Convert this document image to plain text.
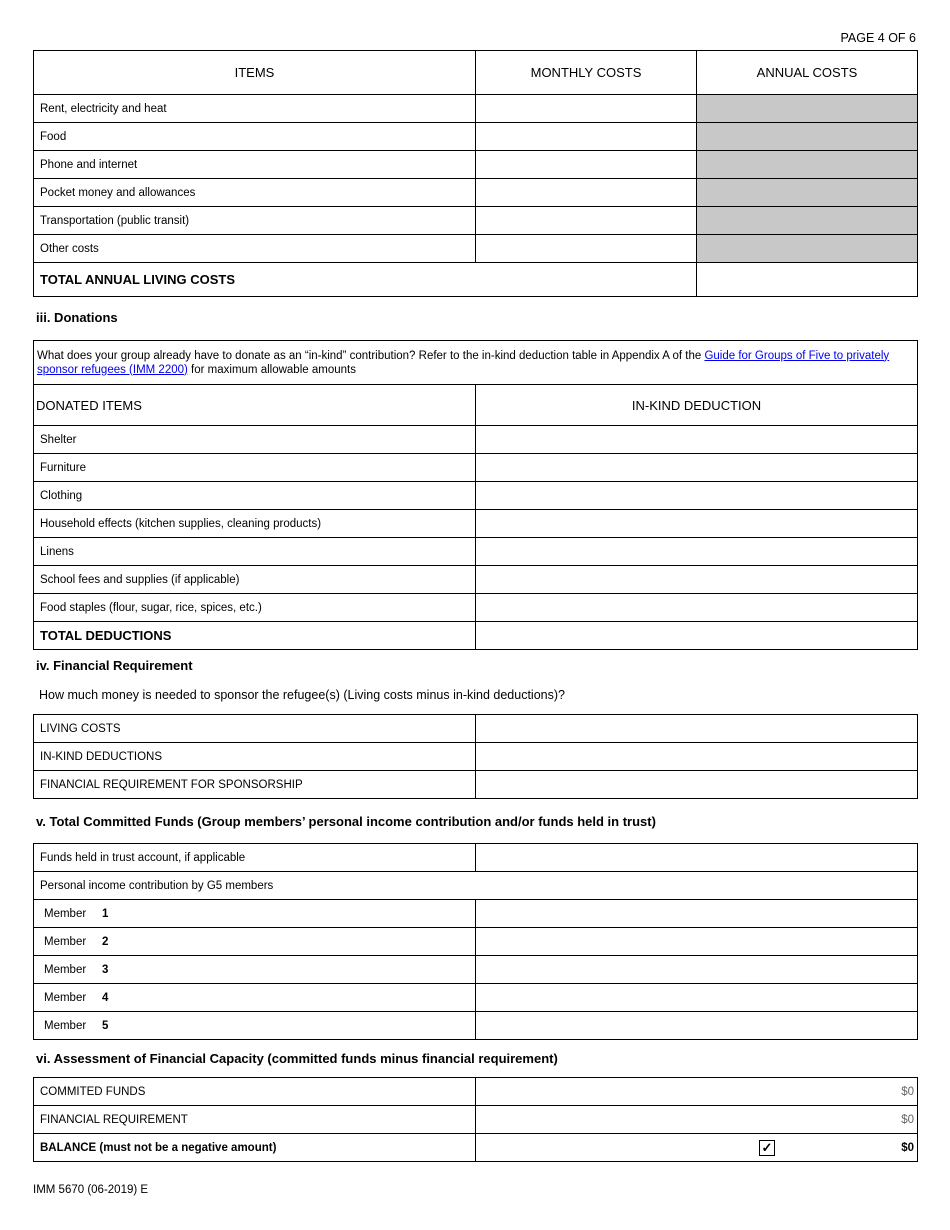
PAGE 4 OF 6
ITEMS	MONTHLY COSTS	ANNUAL COSTS
Rent, electricity and heat		
Food		
Phone and internet		
Pocket money and allowances		
Transportation (public transit)		
Other costs		
TOTAL ANNUAL LIVING COSTS		
iii. Donations
What does your group already have to donate as an “in-kind” contribution? Refer to the in-kind deduction table in Appendix A of the Guide for Groups of Five to privately sponsor refugees (IMM 2200) for maximum allowable amounts	
DONATED ITEMS	IN-KIND DEDUCTION
Shelter	
Furniture	
Clothing	
Household effects (kitchen supplies, cleaning products)	
Linens	
School fees and supplies (if applicable)	
Food staples (flour, sugar, rice, spices, etc.)	
TOTAL DEDUCTIONS	
iv. Financial Requirement
How much money is needed to sponsor the refugee(s) (Living costs minus in-kind deductions)?
LIVING COSTS	
IN-KIND DEDUCTIONS	
FINANCIAL REQUIREMENT FOR SPONSORSHIP	
v. Total Committed Funds (Group members’ personal income contribution and/or funds held in trust)
Funds held in trust account, if applicable	
Personal income contribution by G5 members	
Member 1	
Member 2	
Member 3	
Member 4	
Member 5	
vi. Assessment of Financial Capacity (committed funds minus financial requirement)
COMMITED FUNDS	$0
FINANCIAL REQUIREMENT	$0
BALANCE (must not be a negative amount)	✓ $0
IMM 5670 (06-2019) E
